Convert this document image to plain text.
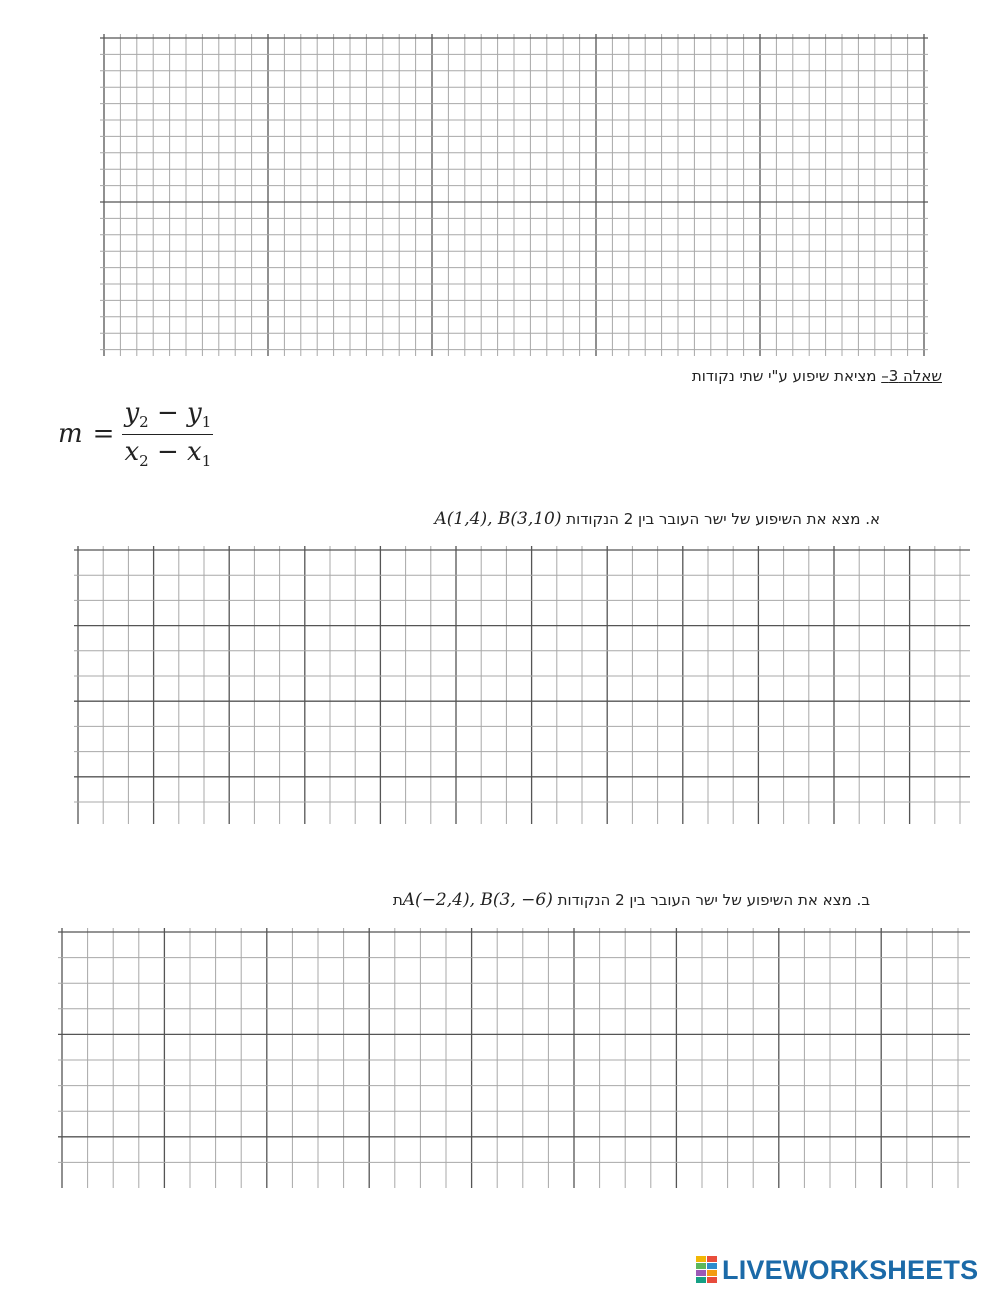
שאלה 3– מציאת שיפוע ע"י שתי נקודות
$m = \frac{y_2 - y_1}{x_2 - x_1}$
א. מצא את השיפוע של ישר העובר בין 2 הנקודות A(1,4), B(3,10)
ב. מצא את השיפוע של ישר העובר בין 2 הנקודות A(−2,4), B(3, −6)ת
LIVEWORKSHEETS
